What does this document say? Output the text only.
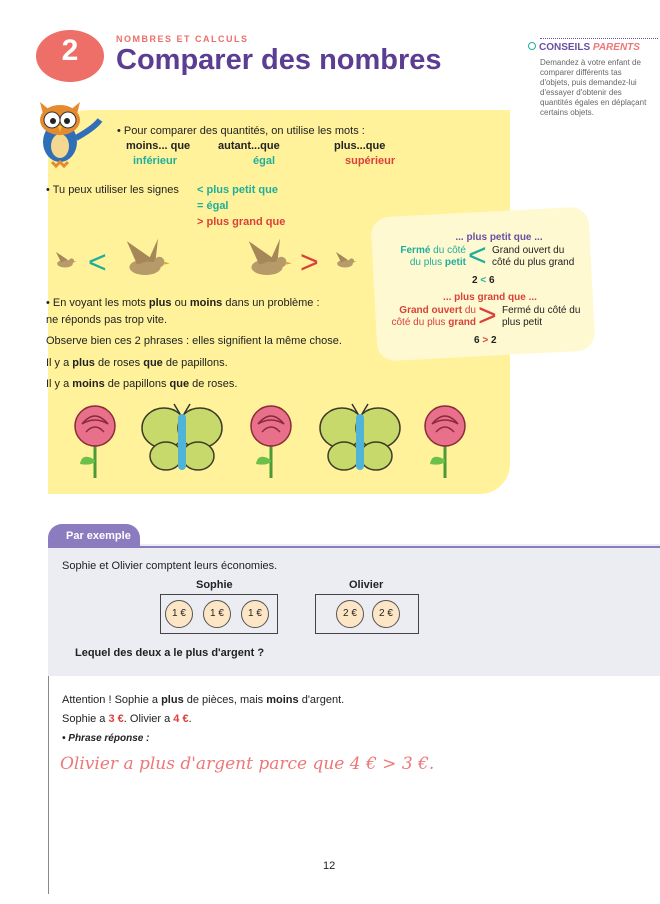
2	NOMBRES ET CALCULS
Comparer des nombres	CONSEILS PARENTS
Demandez à votre enfant de comparer différents tas d'objets, puis demandez-lui d'essayer d'obtenir des quantités égales en déplaçant certains objets.
• Pour comparer des quantités, on utilise les mots :
moins... que
inférieur
autant...que
égal
plus...que
supérieur
• Tu peux utiliser les signes < plus petit que
= égal
> plus grand que
<	>
... plus petit que ...
Fermé du côté
du plus petit < Grand ouvert du côté du plus grand
2 < 6
... plus grand que ...
Grand ouvert du
côté du plus grand > Fermé du côté du plus petit
6 > 2
• En voyant les mots plus ou moins dans un problème :
ne réponds pas trop vite.
Observe bien ces 2 phrases : elles signifient la même chose.
Il y a plus de roses que de papillons.
Il y a moins de papillons que de roses.
Par exemple
Sophie et Olivier comptent leurs économies.
Sophie	Olivier
1 €	1 €	1 €	2 €	2 €
Lequel des deux a le plus d'argent ?
Attention ! Sophie a plus de pièces, mais moins d'argent.
Sophie a 3 €. Olivier a 4 €.
• Phrase réponse :
Olivier a plus d'argent parce que 4 € > 3 €.
12
